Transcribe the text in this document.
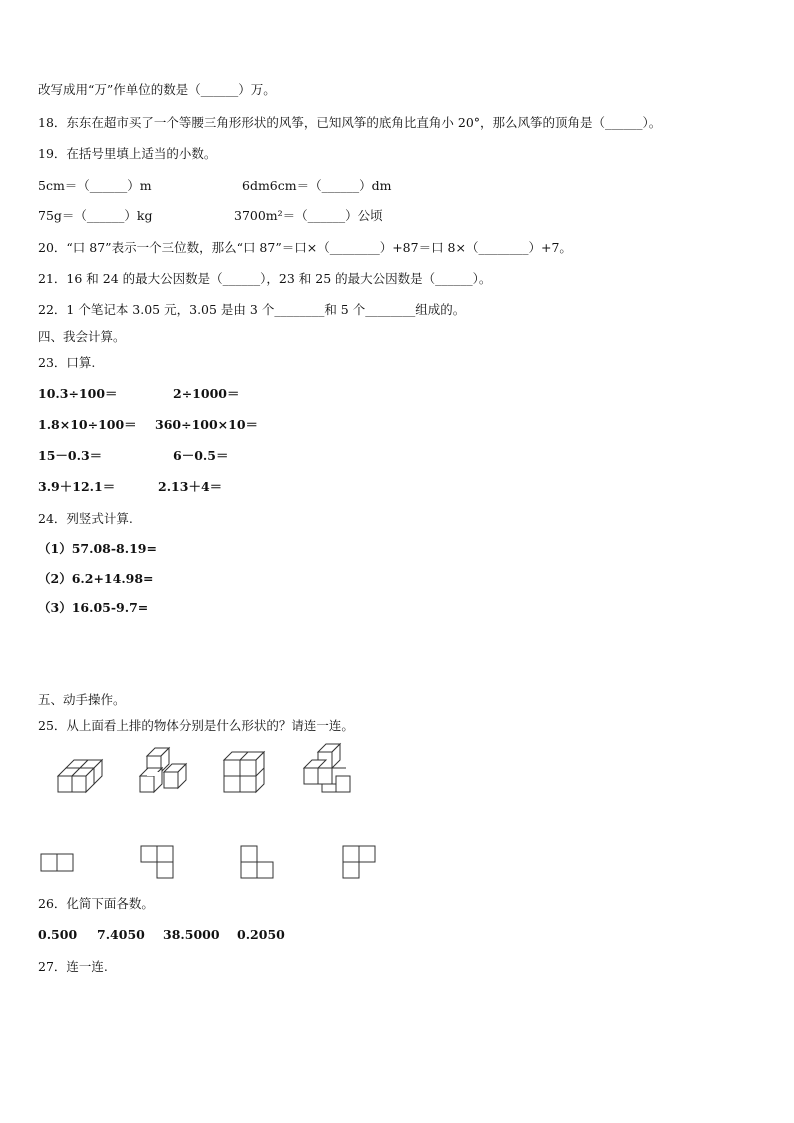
改写成用“万”作单位的数是（______）万。
18．东东在超市买了一个等腰三角形形状的风筝，已知风筝的底角比直角小 20°，那么风筝的顶角是（______）。
19．在括号里填上适当的小数。
5cm＝（______）m	6dm6cm＝（______）dm
75g＝（______）kg	3700m²＝（______）公顷
20．“口 87”表示一个三位数，那么“口 87”＝口×（________）+87＝口 8×（________）+7。
21．16 和 24 的最大公因数是（______），23 和 25 的最大公因数是（______）。
22．1 个笔记本 3.05 元，3.05 是由 3 个________和 5 个________组成的。
四、我会计算。
23．口算.
10.3÷100＝	2÷1000＝
1.8×10÷100＝ 360÷100×10＝
15－0.3＝	6－0.5＝
3.9＋12.1＝	2.13＋4＝
24．列竖式计算.
（1）57.08-8.19=
（2）6.2+14.98=
（3）16.05-9.7=
五、动手操作。
25．从上面看上排的物体分别是什么形状的？请连一连。
26．化简下面各数。
0.500 7.4050 38.5000 0.2050
27．连一连.
